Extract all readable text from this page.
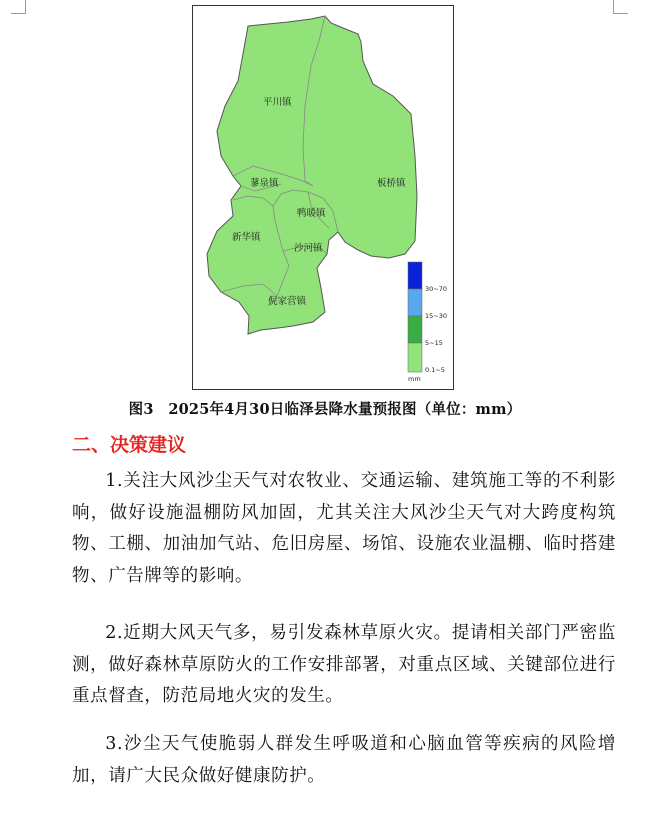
平川镇
板桥镇
蓼泉镇
鸭暖镇
新华镇
沙河镇
倪家营镇
30~70
15~30
5~15
0.1~5
mm
图3　2025年4月30日临泽县降水量预报图（单位：mm）
二、决策建议

1.关注大风沙尘天气对农牧业、交通运输、建筑施工等的不利影响，做好设施温棚防风加固，尤其关注大风沙尘天气对大跨度构筑物、工棚、加油加气站、危旧房屋、场馆、设施农业温棚、临时搭建物、广告牌等的影响。

2.近期大风天气多，易引发森林草原火灾。提请相关部门严密监测，做好森林草原防火的工作安排部署，对重点区域、关键部位进行重点督查，防范局地火灾的发生。

3.沙尘天气使脆弱人群发生呼吸道和心脑血管等疾病的风险增加，请广大民众做好健康防护。
